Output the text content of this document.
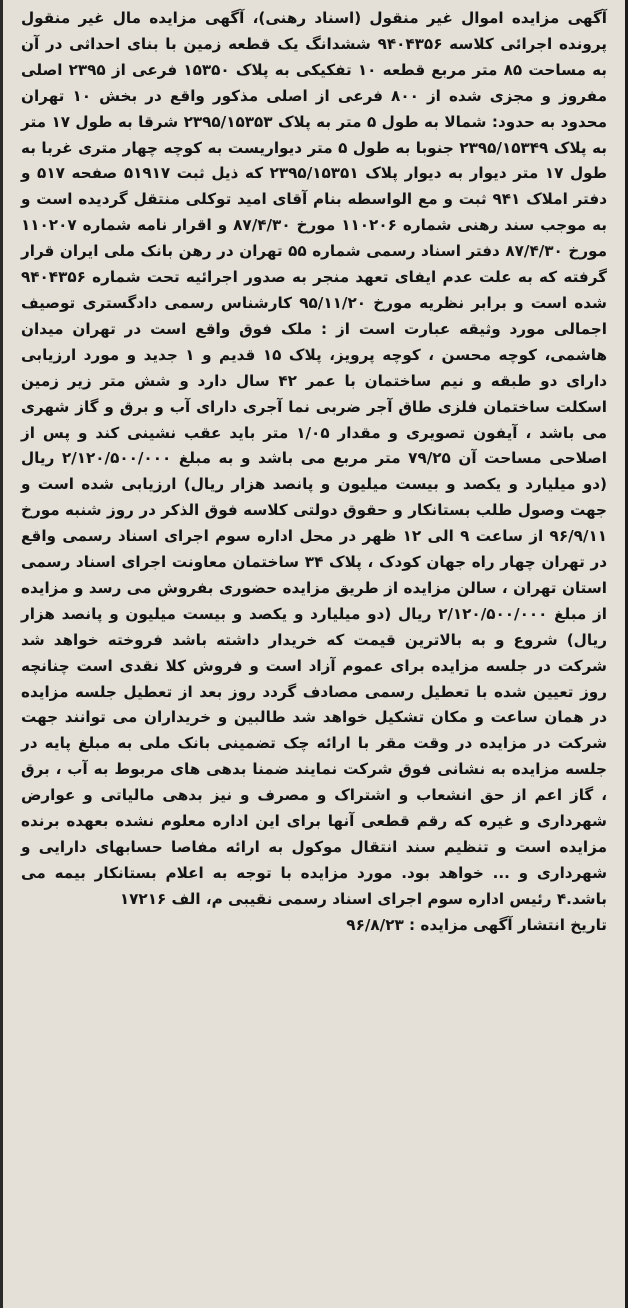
آگهی مزایده اموال غیر منقول (اسناد رهنی)، آگهی مزایده مال غیر منقول پرونده اجرائی کلاسه ۹۴۰۴۳۵۶ ششدانگ یک قطعه زمین با بنای احداثی در آن به مساحت ۸۵ متر مربع قطعه ۱۰ تفکیکی به پلاک ۱۵۳۵۰ فرعی از ۲۳۹۵ اصلی مفروز و مجزی شده از ۸۰۰ فرعی از اصلی مذکور واقع در بخش ۱۰ تهران محدود به حدود: شمالا به طول ۵ متر به پلاک ۲۳۹۵/۱۵۳۵۳ شرقا به طول ۱۷ متر به پلاک ۲۳۹۵/۱۵۳۴۹ جنوبا به طول ۵ متر دیواریست به کوچه چهار متری غربا به طول ۱۷ متر دیوار به دیوار پلاک ۲۳۹۵/۱۵۳۵۱ که ذیل ثبت ۵۱۹۱۷ صفحه ۵۱۷ و دفتر املاک ۹۴۱ ثبت و مع الواسطه بنام آقای امید توکلی منتقل گردیده است و به موجب سند رهنی شماره ۱۱۰۲۰۶ مورخ ۸۷/۴/۳۰ و اقرار نامه شماره ۱۱۰۲۰۷ مورخ ۸۷/۴/۳۰ دفتر اسناد رسمی شماره ۵۵ تهران در رهن بانک ملی ایران قرار گرفته که به علت عدم ایفای تعهد منجر به صدور اجرائیه تحت شماره ۹۴۰۴۳۵۶ شده است و برابر نظریه مورخ ۹۵/۱۱/۲۰ کارشناس رسمی دادگستری توصیف اجمالی مورد وثیقه عبارت است از : ملک فوق واقع است در تهران میدان هاشمی، کوچه محسن ، کوچه پرویز، پلاک ۱۵ قدیم و ۱ جدید و مورد ارزیابی دارای دو طبقه و نیم ساختمان با عمر ۴۲ سال دارد و شش متر زیر زمین اسکلت ساختمان فلزی طاق آجر ضربی نما آجری دارای آب و برق و گاز شهری می باشد ، آیفون تصویری و مقدار ۱/۰۵ متر باید عقب نشینی کند و پس از اصلاحی مساحت آن ۷۹/۲۵ متر مربع می باشد و به مبلغ ۲/۱۲۰/۵۰۰/۰۰۰ ریال (دو میلیارد و یکصد و بیست میلیون و پانصد هزار ریال) ارزیابی شده است و جهت وصول طلب بستانکار و حقوق دولتی کلاسه فوق الذکر در روز شنبه مورخ ۹۶/۹/۱۱ از ساعت ۹ الی ۱۲ ظهر در محل اداره سوم اجرای اسناد رسمی واقع در تهران چهار راه جهان کودک ، پلاک ۳۴ ساختمان معاونت اجرای اسناد رسمی استان تهران ، سالن مزایده از طریق مزایده حضوری بفروش می رسد و مزایده از مبلغ ۲/۱۲۰/۵۰۰/۰۰۰ ریال (دو میلیارد و یکصد و بیست میلیون و پانصد هزار ریال) شروع و به بالاترین قیمت که خریدار داشته باشد فروخته خواهد شد شرکت در جلسه مزایده برای عموم آزاد است و فروش کلا نقدی است چنانچه روز تعیین شده با تعطیل رسمی مصادف گردد روز بعد از تعطیل جلسه مزایده در همان ساعت و مکان تشکیل خواهد شد طالبین و خریداران می توانند جهت شرکت در مزایده در وقت مقر با ارائه چک تضمینی بانک ملی به مبلغ پایه در جلسه مزایده به نشانی فوق شرکت نمایند ضمنا بدهی های مربوط به آب ، برق ، گاز اعم از حق انشعاب و اشتراک و مصرف و نیز بدهی مالیاتی و عوارض شهرداری و غیره که رقم قطعی آنها برای این اداره معلوم نشده بعهده برنده مزایده است و تنظیم سند انتقال موکول به ارائه مفاصا حسابهای دارایی و شهرداری و ... خواهد بود. مورد مزایده با توجه به اعلام بستانکار بیمه می باشد.۴ رئیس اداره سوم اجرای اسناد رسمی نقیبی م، الف ۱۷۲۱۶

تاریخ انتشار آگهی مزایده : ۹۶/۸/۲۳
